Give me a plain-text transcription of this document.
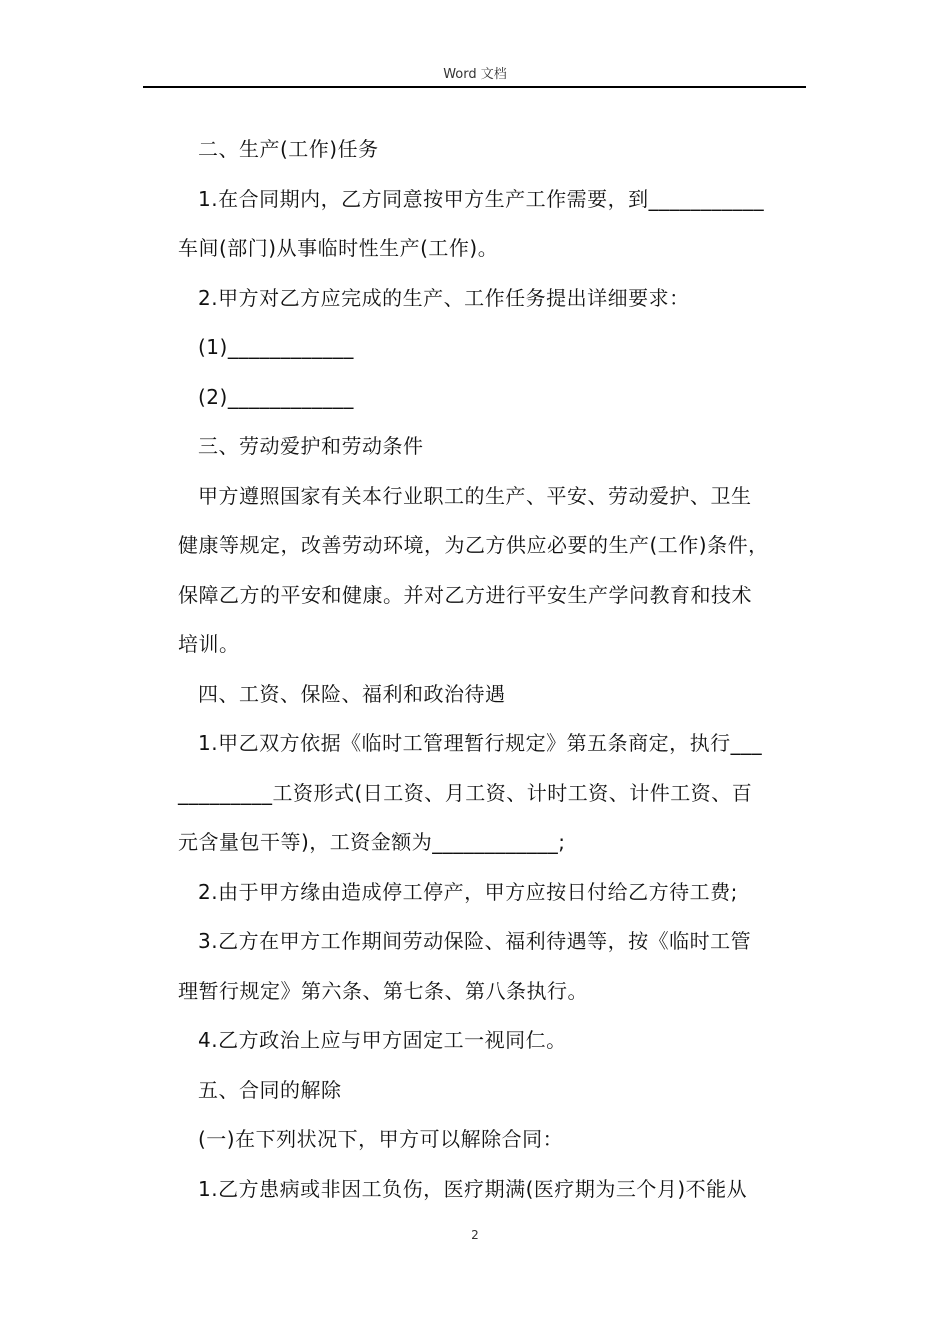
Word 文档
二、生产(工作)任务
1.在合同期内，乙方同意按甲方生产工作需要，到___________
车间(部门)从事临时性生产(工作)。
2.甲方对乙方应完成的生产、工作任务提出详细要求：
(1)____________
(2)____________
三、劳动爱护和劳动条件
甲方遵照国家有关本行业职工的生产、平安、劳动爱护、卫生
健康等规定，改善劳动环境，为乙方供应必要的生产(工作)条件，
保障乙方的平安和健康。并对乙方进行平安生产学问教育和技术
培训。
四、工资、保险、福利和政治待遇
1.甲乙双方依据《临时工管理暂行规定》第五条商定，执行___
_________工资形式(日工资、月工资、计时工资、计件工资、百
元含量包干等)，工资金额为____________;
2.由于甲方缘由造成停工停产，甲方应按日付给乙方待工费;
3.乙方在甲方工作期间劳动保险、福利待遇等，按《临时工管
理暂行规定》第六条、第七条、第八条执行。
4.乙方政治上应与甲方固定工一视同仁。
五、合同的解除
(一)在下列状况下，甲方可以解除合同：
1.乙方患病或非因工负伤，医疗期满(医疗期为三个月)不能从
2
